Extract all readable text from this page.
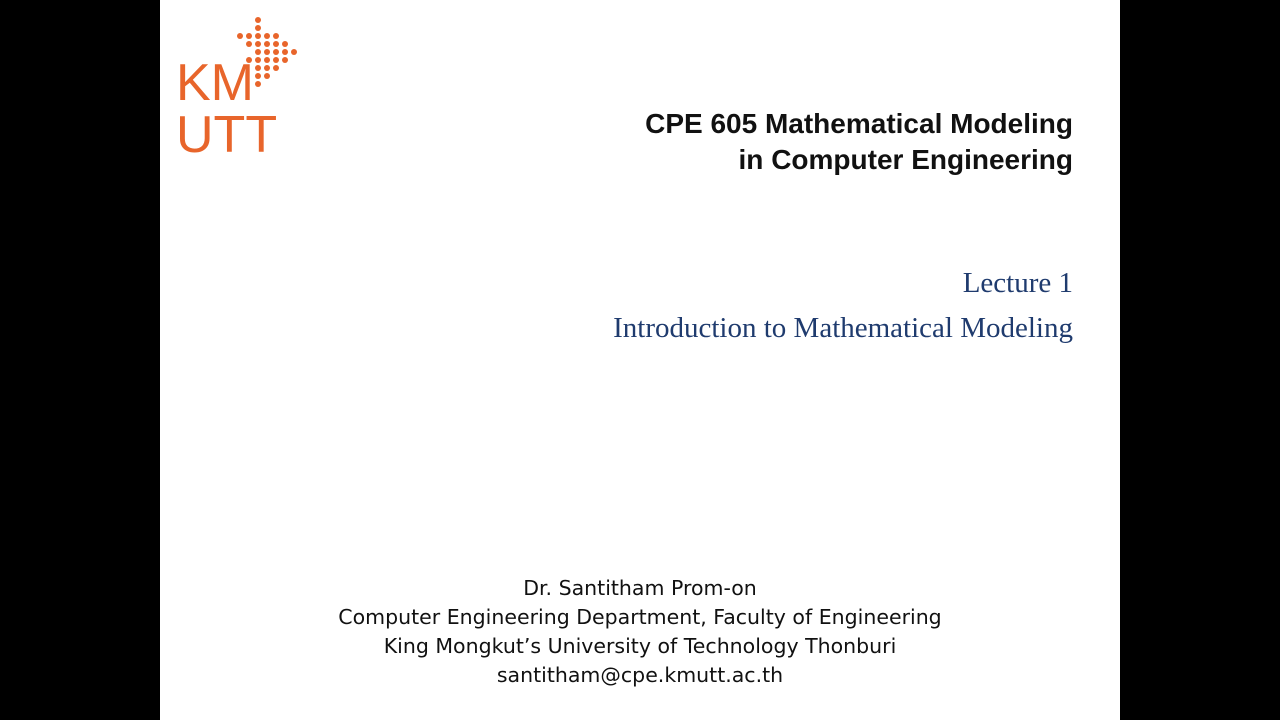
KM
UTT	CPE 605 Mathematical Modeling
in Computer Engineering
Lecture 1
Introduction to Mathematical Modeling
Dr. Santitham Prom-on
Computer Engineering Department, Faculty of Engineering
King Mongkut’s University of Technology Thonburi
santitham@cpe.kmutt.ac.th
